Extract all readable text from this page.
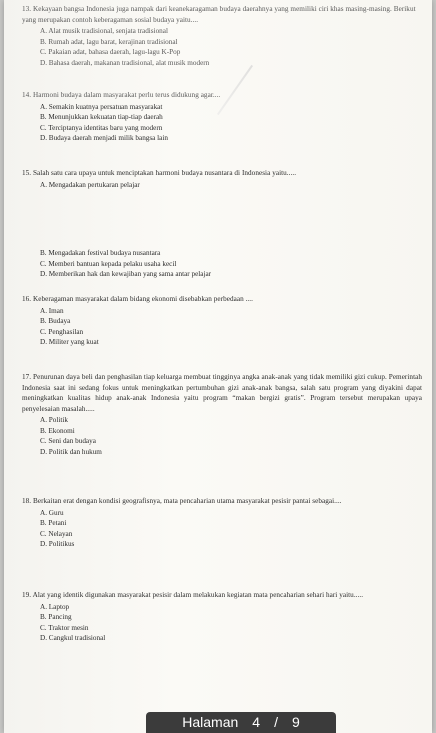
13. Kekayaan bangsa Indonesia juga nampak dari keanekaragaman budaya daerahnya yang memiliki ciri khas masing-masing. Berikut yang merupakan contoh keberagaman sosial budaya yaitu....
A. Alat musik tradisional, senjata tradisional
B. Rumah adat, lagu barat, kerajinan tradisional
C. Pakaian adat, bahasa daerah, lagu-lagu K-Pop
D. Bahasa daerah, makanan tradisional, alat musik modern
14. Harmoni budaya dalam masyarakat perlu terus didukung agar....
A. Semakin kuatnya persatuan masyarakat
B. Menunjukkan kekuatan tiap-tiap daerah
C. Terciptanya identitas baru yang modern
D. Budaya daerah menjadi milik bangsa lain
15. Salah satu cara upaya untuk menciptakan harmoni budaya nusantara di Indonesia yaitu.....
A. Mengadakan pertukaran pelajar
B. Mengadakan festival budaya nusantara
C. Memberi bantuan kepada pelaku usaha kecil
D. Memberikan hak dan kewajiban yang sama antar pelajar
16. Keberagaman masyarakat dalam bidang ekonomi disebabkan perbedaan ....
A. Iman
B. Budaya
C. Penghasilan
D. Militer yang kuat
17. Penurunan daya beli dan penghasilan tiap keluarga membuat tingginya angka anak-anak yang tidak memiliki gizi cukup. Pemerintah Indonesia saat ini sedang fokus untuk meningkatkan pertumbuhan gizi anak-anak bangsa, salah satu program yang diyakini dapat meningkatkan kualitas hidup anak-anak Indonesia yaitu program “makan bergizi gratis”. Program tersebut merupakan upaya penyelesaian masalah.....
A. Politik
B. Ekonomi
C. Seni dan budaya
D. Politik dan hukum
18. Berkaitan erat dengan kondisi geografisnya, mata pencaharian utama masyarakat pesisir pantai sebagai....
A. Guru
B. Petani
C. Nelayan
D. Politikus
19. Alat yang identik digunakan masyarakat pesisir dalam melakukan kegiatan mata pencaharian sehari hari yaitu.....
A. Laptop
B. Pancing
C. Traktor mesin
D. Cangkul tradisional
Halaman 4 / 9
